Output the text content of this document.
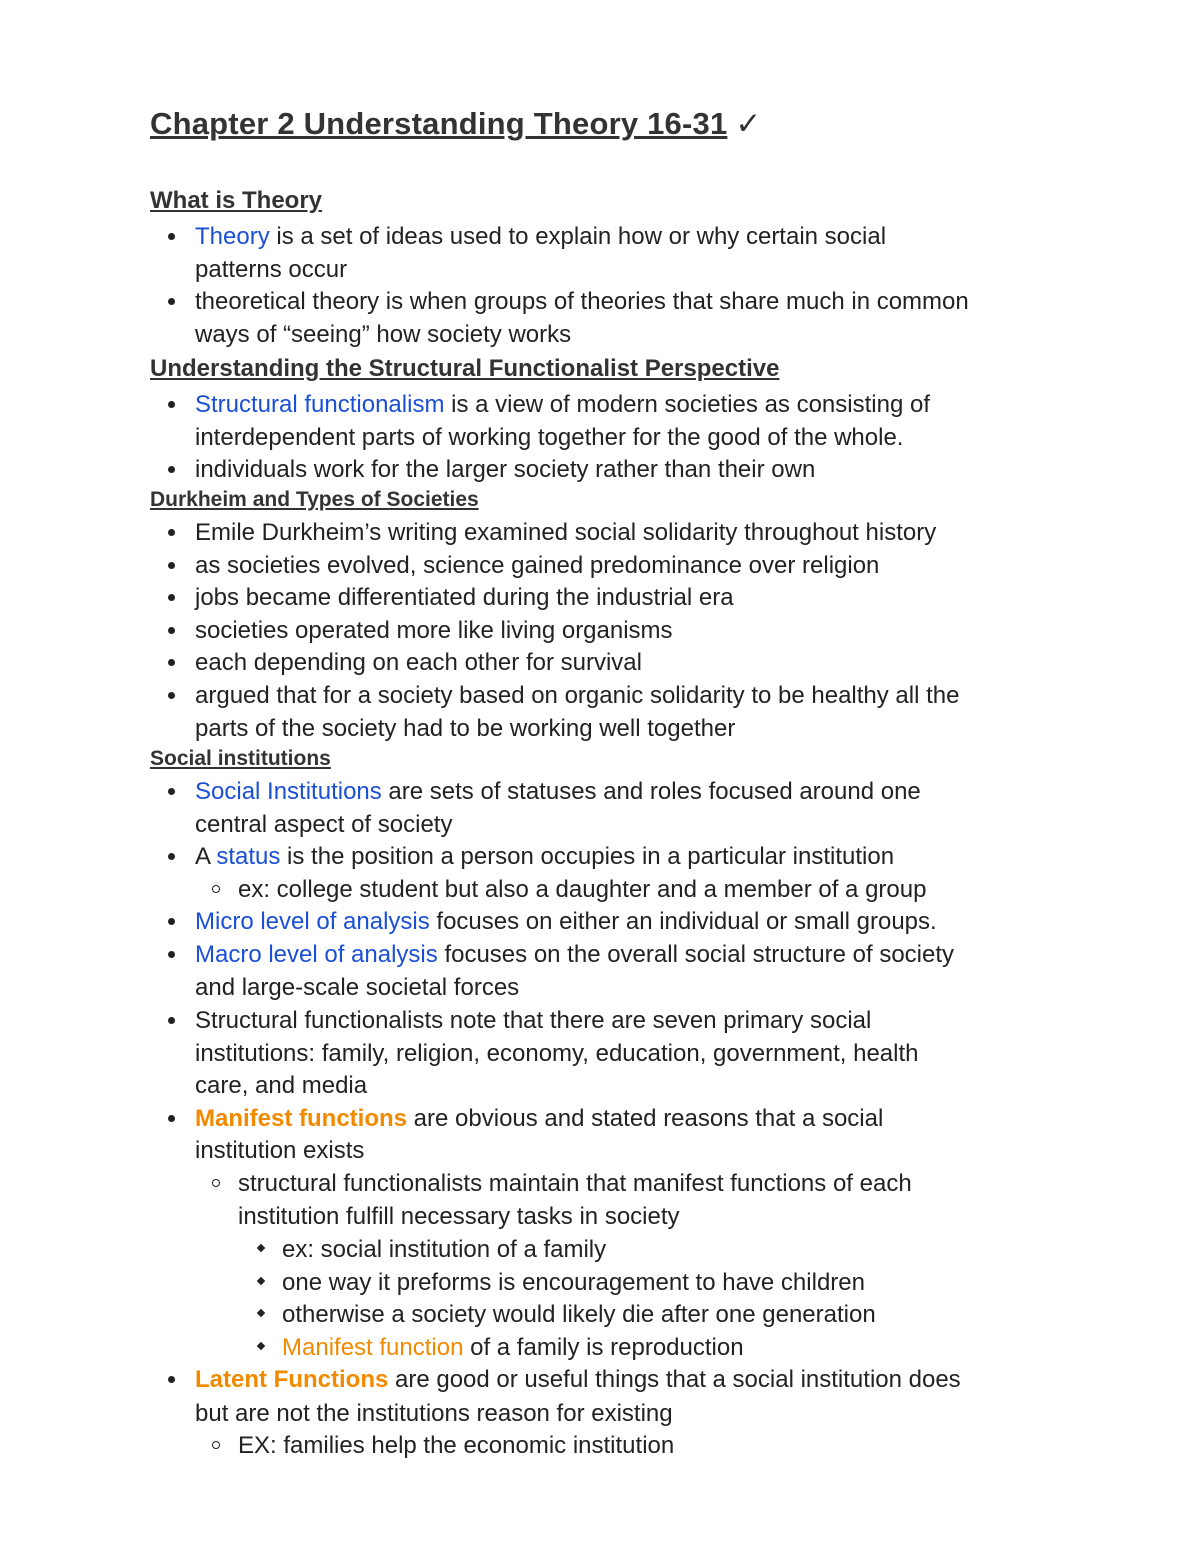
Chapter 2 Understanding Theory 16-31 ✓
What is Theory
Theory is a set of ideas used to explain how or why certain social
patterns occur
theoretical theory is when groups of theories that share much in common
ways of “seeing” how society works
Understanding the Structural Functionalist Perspective
Structural functionalism is a view of modern societies as consisting of
interdependent parts of working together for the good of the whole.
individuals work for the larger society rather than their own
Durkheim and Types of Societies
Emile Durkheim’s writing examined social solidarity throughout history
as societies evolved, science gained predominance over religion
jobs became differentiated during the industrial era
societies operated more like living organisms
each depending on each other for survival
argued that for a society based on organic solidarity to be healthy all the
parts of the society had to be working well together
Social institutions
Social Institutions are sets of statuses and roles focused around one
central aspect of society
A status is the position a person occupies in a particular institution
ex: college student but also a daughter and a member of a group
Micro level of analysis focuses on either an individual or small groups.
Macro level of analysis focuses on the overall social structure of society
and large-scale societal forces
Structural functionalists note that there are seven primary social
institutions: family, religion, economy, education, government, health
care, and media
Manifest functions are obvious and stated reasons that a social
institution exists
structural functionalists maintain that manifest functions of each
institution fulfill necessary tasks in society
ex: social institution of a family
one way it preforms is encouragement to have children
otherwise a society would likely die after one generation
Manifest function of a family is reproduction
Latent Functions are good or useful things that a social institution does
but are not the institutions reason for existing
EX: families help the economic institution
